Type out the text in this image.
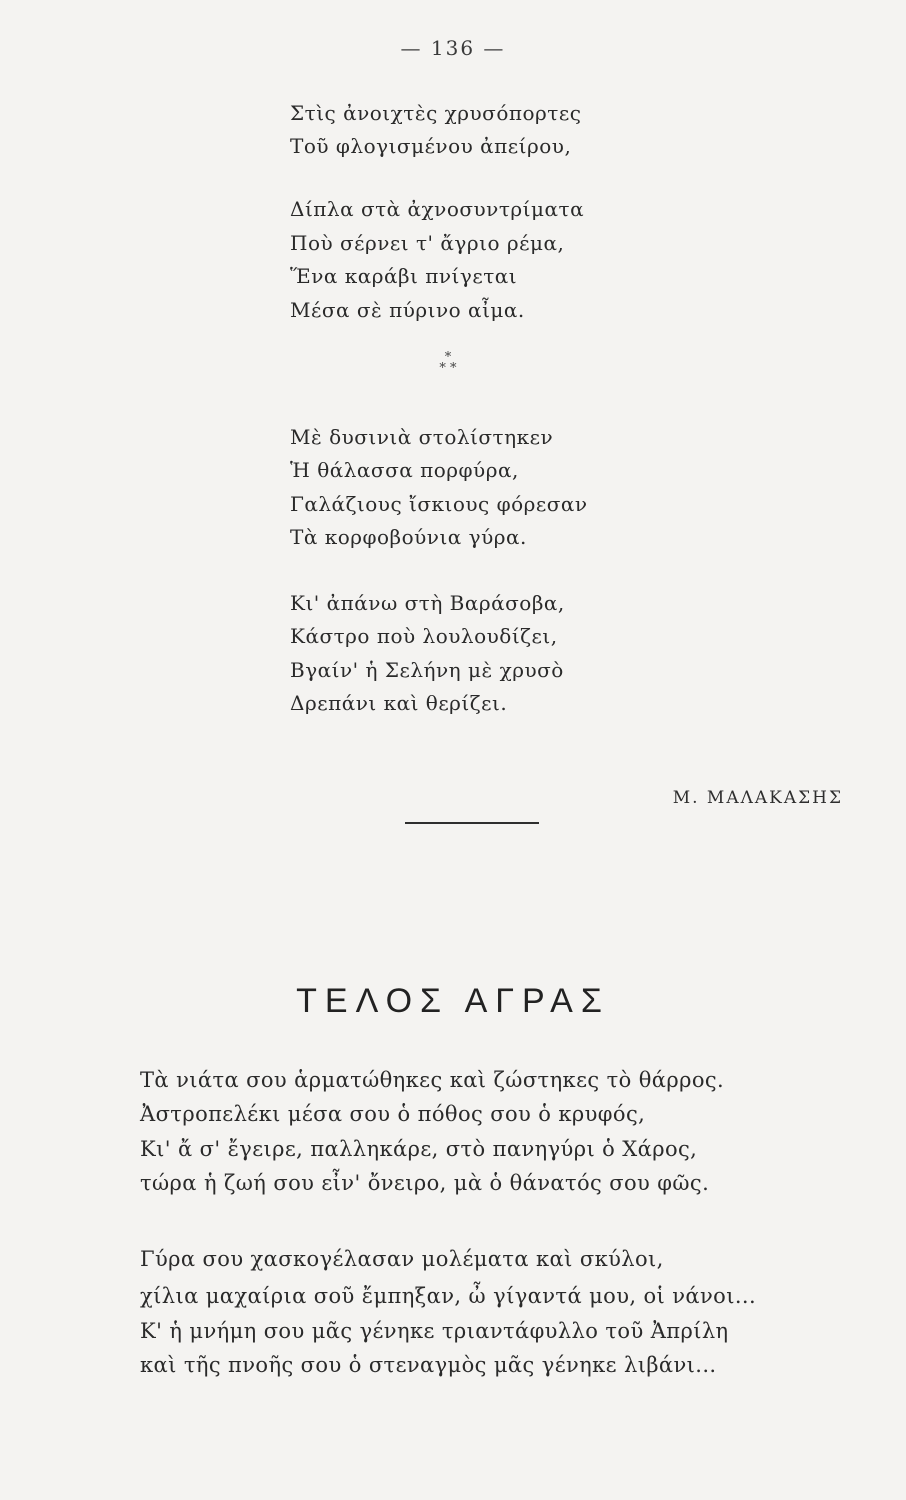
— 136 —
Στὶς ἀνοιχτὲς χρυσόπορτες
Τοῦ φλογισμένου ἀπείρου,
Δίπλα στὰ ἀχνοσυντρίματα
Ποὺ σέρνει τ' ἄγριο ρέμα,
Ἕνα καράβι πνίγεται
Μέσα σὲ πύρινο αἶμα.
*
* *
Μὲ δυσινιὰ στολίστηκεν
Ἡ θάλασσα πορφύρα,
Γαλάζιους ἴσκιους φόρεσαν
Τὰ κορφοβούνια γύρα.
Κι' ἀπάνω στὴ Βαράσοβα,
Κάστρο ποὺ λουλουδίζει,
Βγαίν' ἡ Σελήνη μὲ χρυσὸ
Δρεπάνι καὶ θερίζει.
Μ. ΜΑΛΑΚΑΣΗΣ
ΤΕΛΟΣ ΑΓΡΑΣ
Τὰ νιάτα σου ἁρματώθηκες καὶ ζώστηκες τὸ θάρρος.
Ἀστροπελέκι μέσα σου ὁ πόθος σου ὁ κρυφός,
Κι' ἄ σ' ἔγειρε, παλληκάρε, στὸ πανηγύρι ὁ Χάρος,
τώρα ἡ ζωή σου εἶν' ὄνειρο, μὰ ὁ θάνατός σου φῶς.
Γύρα σου χασκογέλασαν μολέματα καὶ σκύλοι,
χίλια μαχαίρια σοῦ ἔμπηξαν, ὦ γίγαντά μου, οἱ νάνοι...
Κ' ἡ μνήμη σου μᾶς γένηκε τριαντάφυλλο τοῦ Ἀπρίλη
καὶ τῆς πνοῆς σου ὁ στεναγμὸς μᾶς γένηκε λιβάνι...
